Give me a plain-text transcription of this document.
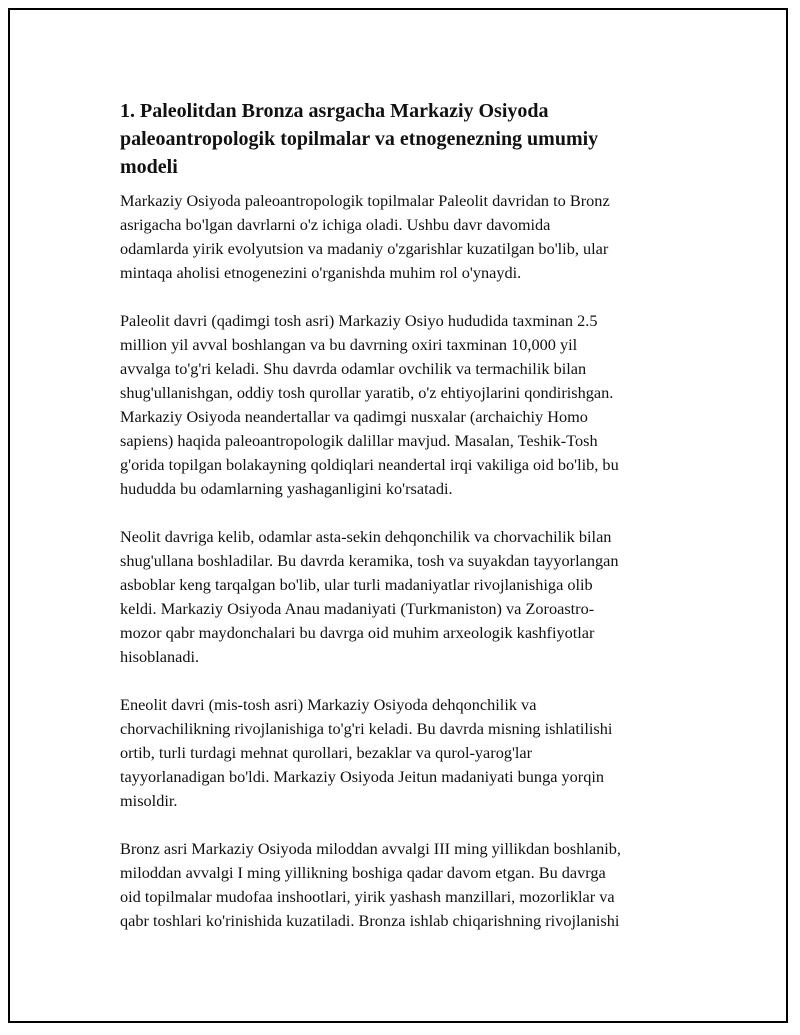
1. Paleolitdan Bronza asrgacha Markaziy Osiyoda
paleoantropologik topilmalar va etnogenezning umumiy
modeli

Markaziy Osiyoda paleoantropologik topilmalar Paleolit davridan to Bronz
asrigacha bo'lgan davrlarni o'z ichiga oladi. Ushbu davr davomida
odamlarda yirik evolyutsion va madaniy o'zgarishlar kuzatilgan bo'lib, ular
mintaqa aholisi etnogenezini o'rganishda muhim rol o'ynaydi.

Paleolit davri (qadimgi tosh asri) Markaziy Osiyo hududida taxminan 2.5
million yil avval boshlangan va bu davrning oxiri taxminan 10,000 yil
avvalga to'g'ri keladi. Shu davrda odamlar ovchilik va termachilik bilan
shug'ullanishgan, oddiy tosh qurollar yaratib, o'z ehtiyojlarini qondirishgan.
Markaziy Osiyoda neandertallar va qadimgi nusxalar (archaichiy Homo
sapiens) haqida paleoantropologik dalillar mavjud. Masalan, Teshik-Tosh
g'orida topilgan bolakayning qoldiqlari neandertal irqi vakiliga oid bo'lib, bu
hududda bu odamlarning yashaganligini ko'rsatadi.

Neolit davriga kelib, odamlar asta-sekin dehqonchilik va chorvachilik bilan
shug'ullana boshladilar. Bu davrda keramika, tosh va suyakdan tayyorlangan
asboblar keng tarqalgan bo'lib, ular turli madaniyatlar rivojlanishiga olib
keldi. Markaziy Osiyoda Anau madaniyati (Turkmaniston) va Zoroastro-
mozor qabr maydonchalari bu davrga oid muhim arxeologik kashfiyotlar
hisoblanadi.

Eneolit davri (mis-tosh asri) Markaziy Osiyoda dehqonchilik va
chorvachilikning rivojlanishiga to'g'ri keladi. Bu davrda misning ishlatilishi
ortib, turli turdagi mehnat qurollari, bezaklar va qurol-yarog'lar
tayyorlanadigan bo'ldi. Markaziy Osiyoda Jeitun madaniyati bunga yorqin
misoldir.

Bronz asri Markaziy Osiyoda miloddan avvalgi III ming yillikdan boshlanib,
miloddan avvalgi I ming yillikning boshiga qadar davom etgan. Bu davrga
oid topilmalar mudofaa inshootlari, yirik yashash manzillari, mozorliklar va
qabr toshlari ko'rinishida kuzatiladi. Bronza ishlab chiqarishning rivojlanishi
